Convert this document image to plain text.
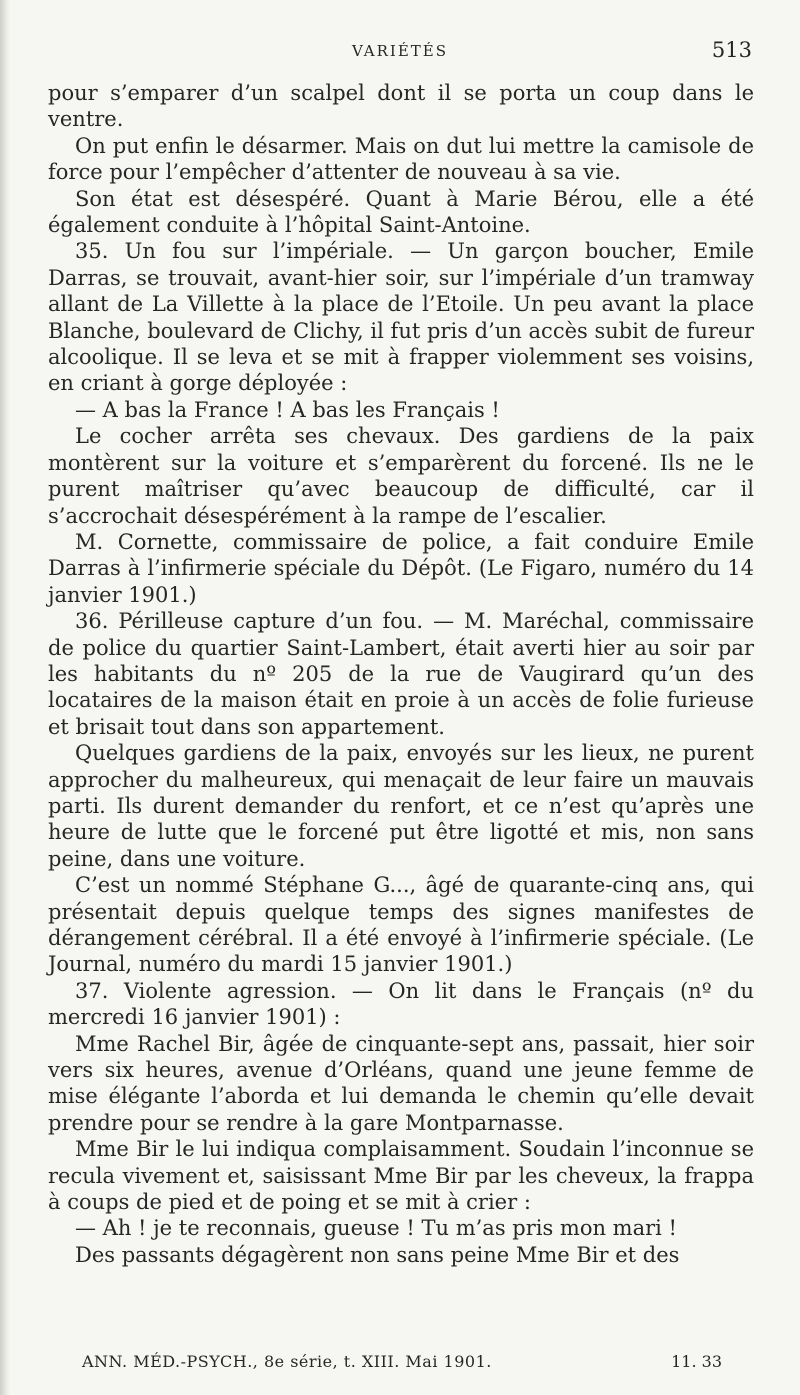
VARIÉTÉS	513

pour s’emparer d’un scalpel dont il se porta un coup dans le ventre.

On put enfin le désarmer. Mais on dut lui mettre la camisole de force pour l’empêcher d’attenter de nouveau à sa vie.

Son état est désespéré. Quant à Marie Bérou, elle a été également conduite à l’hôpital Saint-Antoine.

35. Un fou sur l’impériale. — Un garçon boucher, Emile Darras, se trouvait, avant-hier soir, sur l’impériale d’un tramway allant de La Villette à la place de l’Etoile. Un peu avant la place Blanche, boulevard de Clichy, il fut pris d’un accès subit de fureur alcoolique. Il se leva et se mit à frapper violemment ses voisins, en criant à gorge déployée :

— A bas la France ! A bas les Français !

Le cocher arrêta ses chevaux. Des gardiens de la paix montèrent sur la voiture et s’emparèrent du forcené. Ils ne le purent maîtriser qu’avec beaucoup de difficulté, car il s’accrochait désespérément à la rampe de l’escalier.

M. Cornette, commissaire de police, a fait conduire Emile Darras à l’infirmerie spéciale du Dépôt. (Le Figaro, numéro du 14 janvier 1901.)

36. Périlleuse capture d’un fou. — M. Maréchal, commissaire de police du quartier Saint-Lambert, était averti hier au soir par les habitants du nº 205 de la rue de Vaugirard qu’un des locataires de la maison était en proie à un accès de folie furieuse et brisait tout dans son appartement.

Quelques gardiens de la paix, envoyés sur les lieux, ne purent approcher du malheureux, qui menaçait de leur faire un mauvais parti. Ils durent demander du renfort, et ce n’est qu’après une heure de lutte que le forcené put être ligotté et mis, non sans peine, dans une voiture.

C’est un nommé Stéphane G..., âgé de quarante-cinq ans, qui présentait depuis quelque temps des signes manifestes de dérangement cérébral. Il a été envoyé à l’infirmerie spéciale. (Le Journal, numéro du mardi 15 janvier 1901.)

37. Violente agression. — On lit dans le Français (nº du mercredi 16 janvier 1901) :

Mme Rachel Bir, âgée de cinquante-sept ans, passait, hier soir vers six heures, avenue d’Orléans, quand une jeune femme de mise élégante l’aborda et lui demanda le chemin qu’elle devait prendre pour se rendre à la gare Montparnasse.

Mme Bir le lui indiqua complaisamment. Soudain l’inconnue se recula vivement et, saisissant Mme Bir par les cheveux, la frappa à coups de pied et de poing et se mit à crier :

— Ah ! je te reconnais, gueuse ! Tu m’as pris mon mari !

Des passants dégagèrent non sans peine Mme Bir et des

ANN. MÉD.-PSYCH., 8e série, t. XIII. Mai 1901.	11. 33
